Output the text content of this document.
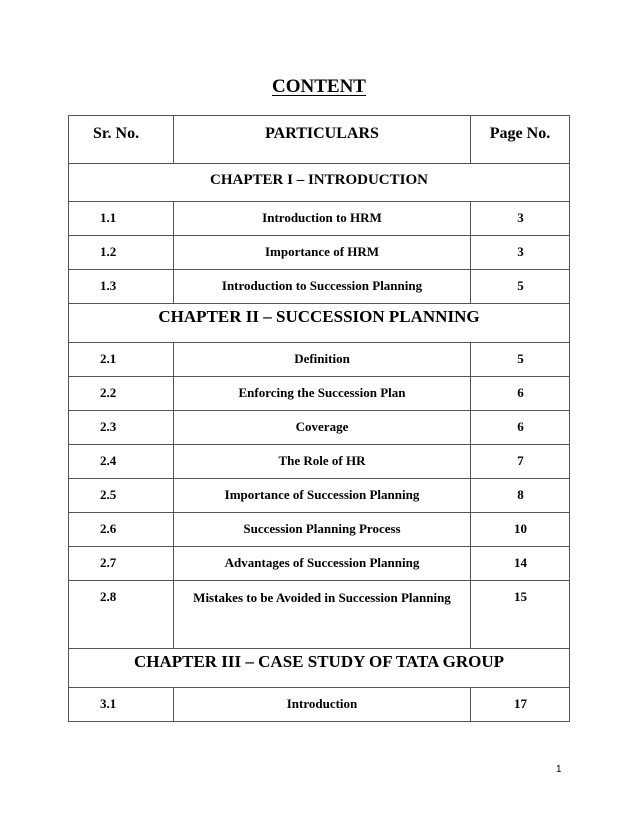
CONTENT
Sr. No.	PARTICULARS	Page No.

CHAPTER I – INTRODUCTION		

1.1	Introduction to HRM	3

1.2	Importance of HRM	3

1.3	Introduction to Succession Planning	5

CHAPTER II – SUCCESSION PLANNING		

2.1	Definition	5

2.2	Enforcing the Succession Plan	6

2.3	Coverage	6

2.4	The Role of HR	7

2.5	Importance of Succession Planning	8

2.6	Succession Planning Process	10

2.7	Advantages of Succession Planning	14

2.8	Mistakes to be Avoided in Succession Planning	15

CHAPTER III – CASE STUDY OF TATA GROUP		

3.1	Introduction	17
1
